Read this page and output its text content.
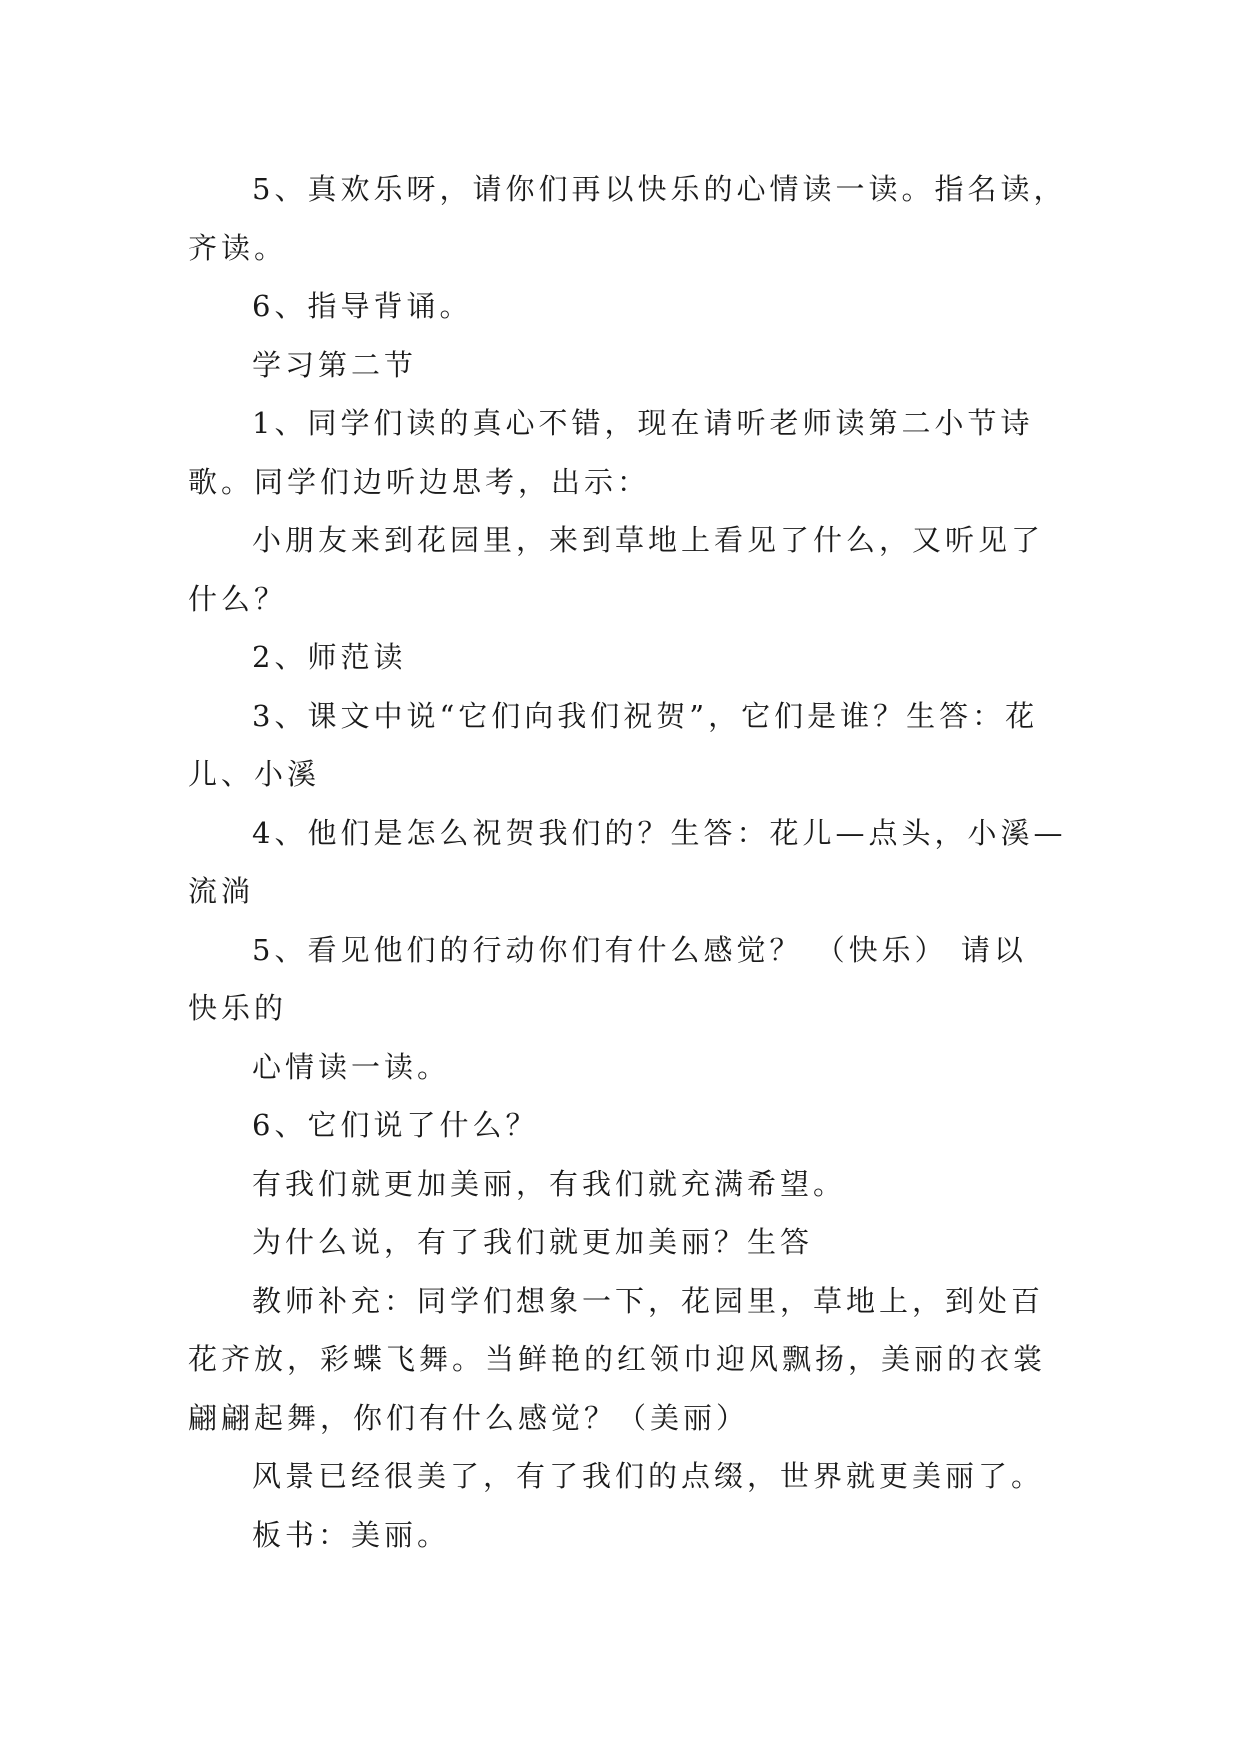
5、真欢乐呀，请你们再以快乐的心情读一读。指名读，
齐读。
6、指导背诵。
学习第二节
1、同学们读的真心不错，现在请听老师读第二小节诗
歌。同学们边听边思考，出示：
小朋友来到花园里，来到草地上看见了什么，又听见了
什么？
2、师范读
3、课文中说“它们向我们祝贺”，它们是谁？生答：花
儿、小溪
4、他们是怎么祝贺我们的？生答：花儿—点头，小溪—
流淌
5、看见他们的行动你们有什么感觉？ （快乐） 请以
快乐的
心情读一读。
6、它们说了什么？
有我们就更加美丽，有我们就充满希望。
为什么说，有了我们就更加美丽？生答
教师补充：同学们想象一下，花园里，草地上，到处百
花齐放，彩蝶飞舞。当鲜艳的红领巾迎风飘扬，美丽的衣裳
翩翩起舞，你们有什么感觉？（美丽）
风景已经很美了，有了我们的点缀，世界就更美丽了。
板书：美丽。
